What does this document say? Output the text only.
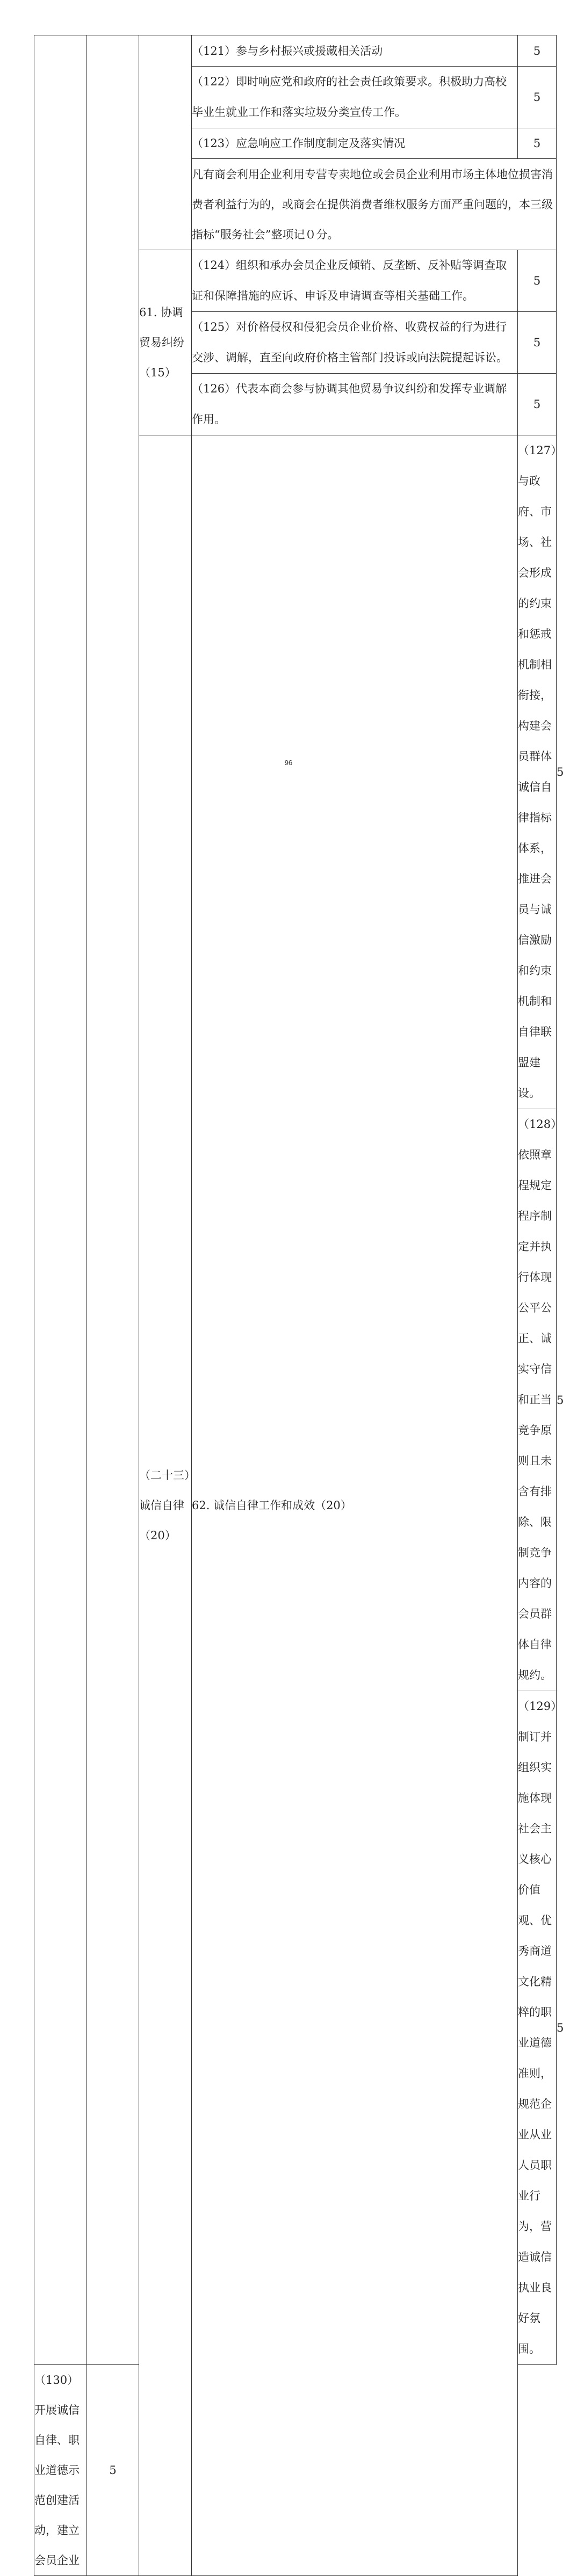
			（121）参与乡村振兴或援藏相关活动	5	
			（122）即时响应党和政府的社会责任政策要求。积极助力高校毕业生就业工作和落实垃圾分类宣传工作。	5	
			（123）应急响应工作制度制定及落实情况	5	
			凡有商会利用企业利用专营专卖地位或会员企业利用市场主体地位损害消费者利益行为的，或商会在提供消费者维权服务方面严重问题的，本三级指标“服务社会”整项记０分。		
		61. 协调贸易纠纷（15）	（124）组织和承办会员企业反倾销、反垄断、反补贴等调查取证和保障措施的应诉、申诉及申请调查等相关基础工作。	5	
			（125）对价格侵权和侵犯会员企业价格、收费权益的行为进行交涉、调解，直至向政府价格主管部门投诉或向法院提起诉讼。	5	
			（126）代表本商会参与协调其他贸易争议纠纷和发挥专业调解作用。	5	
		（二十三）诚信自律（20）	62. 诚信自律工作和成效（20）	（127）与政府、市场、社会形成的约束和惩戒机制相衔接，构建会员群体诚信自律指标体系，推进会员与诚信激励和约束机制和自律联盟建设。	5
				（128）依照章程规定程序制定并执行体现公平公正、诚实守信和正当竞争原则且未含有排除、限制竞争内容的会员群体自律规约。	5
				（129）制订并组织实施体现社会主义核心价值观、优秀商道文化精粹的职业道德准则，规范企业从业人员职业行为，营造诚信执业良好氛围。	5
（130）开展诚信自律、职业道德示范创建活动，建立会员企业	5				
96
